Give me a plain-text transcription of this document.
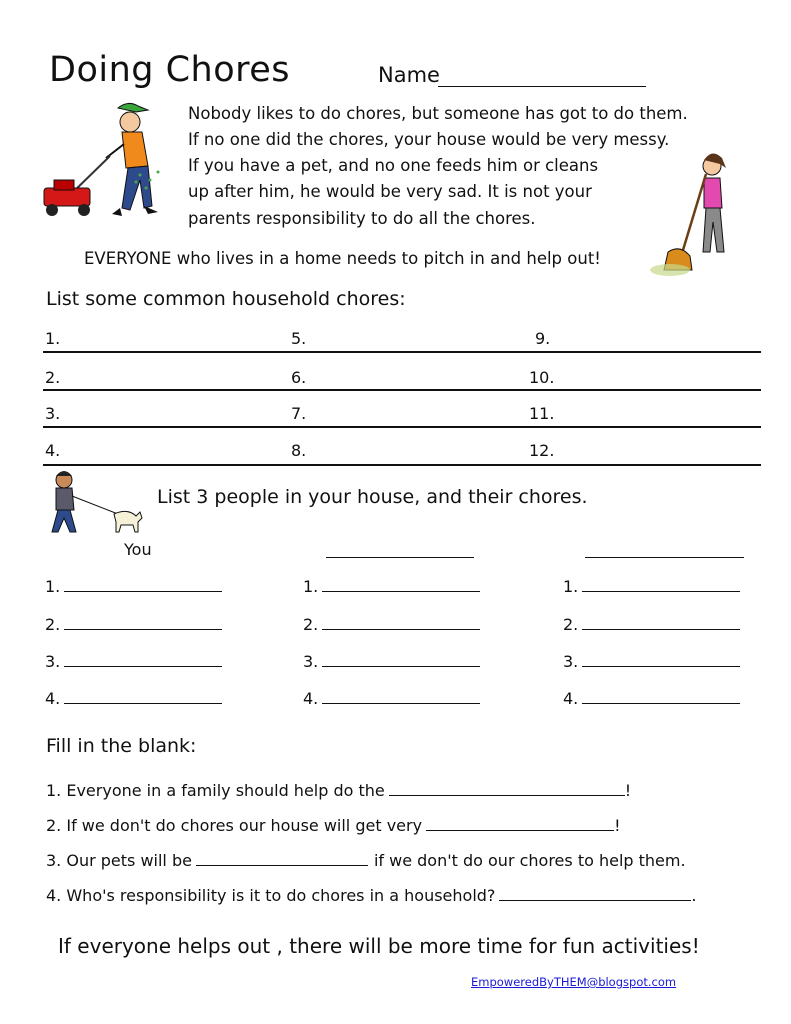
Doing Chores	Name
Nobody likes to do chores, but someone has got to do them.
If no one did the chores, your house would be very messy.
If you have a pet, and no one feeds him or cleans
up after him, he would be very sad. It is not your
parents responsibility to do all the chores.
EVERYONE who lives in a home needs to pitch in and help out!
List some common household chores:
1.	5.	9.
2.	6.	10.
3.	7.	11.
4.	8.	12.
List 3 people in your house, and their chores.
You
1.	1.	1.
2.	2.	2.
3.	3.	3.
4.	4.	4.
Fill in the blank:
1. Everyone in a family should help do the	!
2. If we don't do chores our house will get very	!
3. Our pets will be	if we don't do our chores to help them.
4. Who's responsibility is it to do chores in a household?	.
If everyone helps out , there will be more time for fun activities!
EmpoweredByTHEM@blogspot.com
